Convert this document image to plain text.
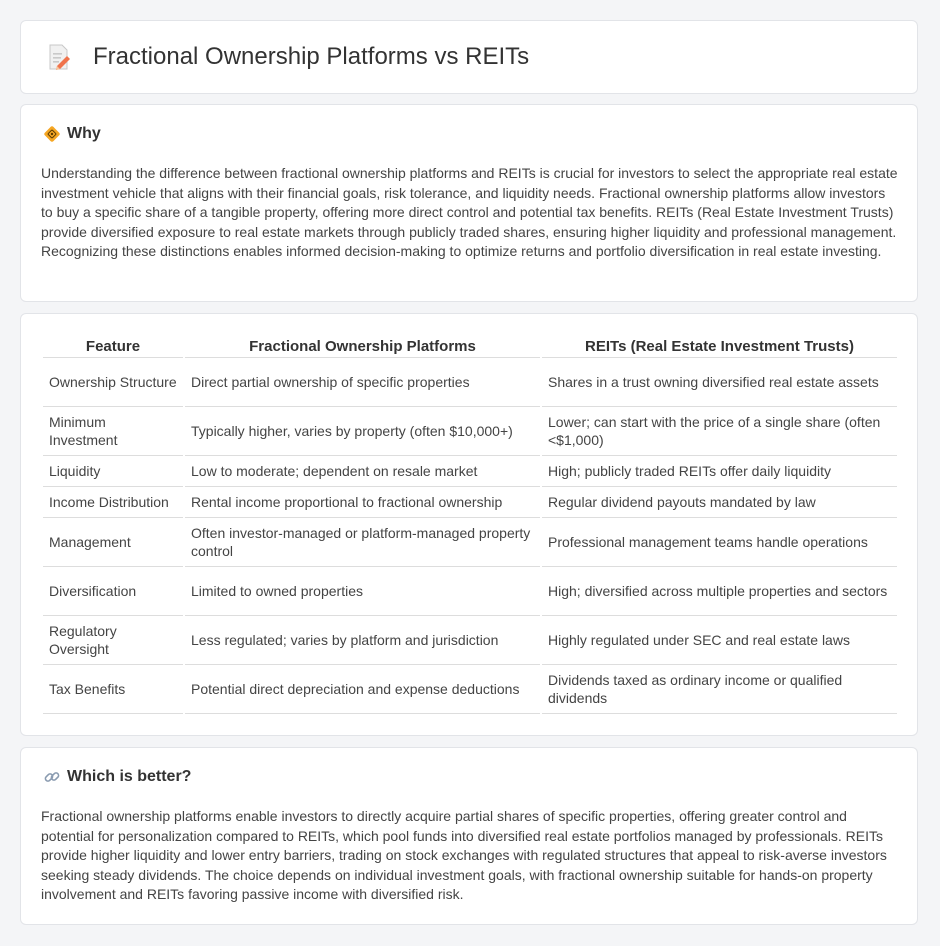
Fractional Ownership Platforms vs REITs
Why

Understanding the difference between fractional ownership platforms and REITs is crucial for investors to select the appropriate real estate investment vehicle that aligns with their financial goals, risk tolerance, and liquidity needs. Fractional ownership platforms allow investors to buy a specific share of a tangible property, offering more direct control and potential tax benefits. REITs (Real Estate Investment Trusts) provide diversified exposure to real estate markets through publicly traded shares, ensuring higher liquidity and professional management. Recognizing these distinctions enables informed decision-making to optimize returns and portfolio diversification in real estate investing.

Feature	Fractional Ownership Platforms	REITs (Real Estate Investment Trusts)
Ownership Structure	Direct partial ownership of specific properties	Shares in a trust owning diversified real estate assets
Minimum Investment	Typically higher, varies by property (often $10,000+)	Lower; can start with the price of a single share (often <$1,000)
Liquidity	Low to moderate; dependent on resale market	High; publicly traded REITs offer daily liquidity
Income Distribution	Rental income proportional to fractional ownership	Regular dividend payouts mandated by law
Management	Often investor-managed or platform-managed property control	Professional management teams handle operations
Diversification	Limited to owned properties	High; diversified across multiple properties and sectors
Regulatory Oversight	Less regulated; varies by platform and jurisdiction	Highly regulated under SEC and real estate laws
Tax Benefits	Potential direct depreciation and expense deductions	Dividends taxed as ordinary income or qualified dividends
Which is better?

Fractional ownership platforms enable investors to directly acquire partial shares of specific properties, offering greater control and potential for personalization compared to REITs, which pool funds into diversified real estate portfolios managed by professionals. REITs provide higher liquidity and lower entry barriers, trading on stock exchanges with regulated structures that appeal to risk-averse investors seeking steady dividends. The choice depends on individual investment goals, with fractional ownership suitable for hands-on property involvement and REITs favoring passive income with diversified risk.
